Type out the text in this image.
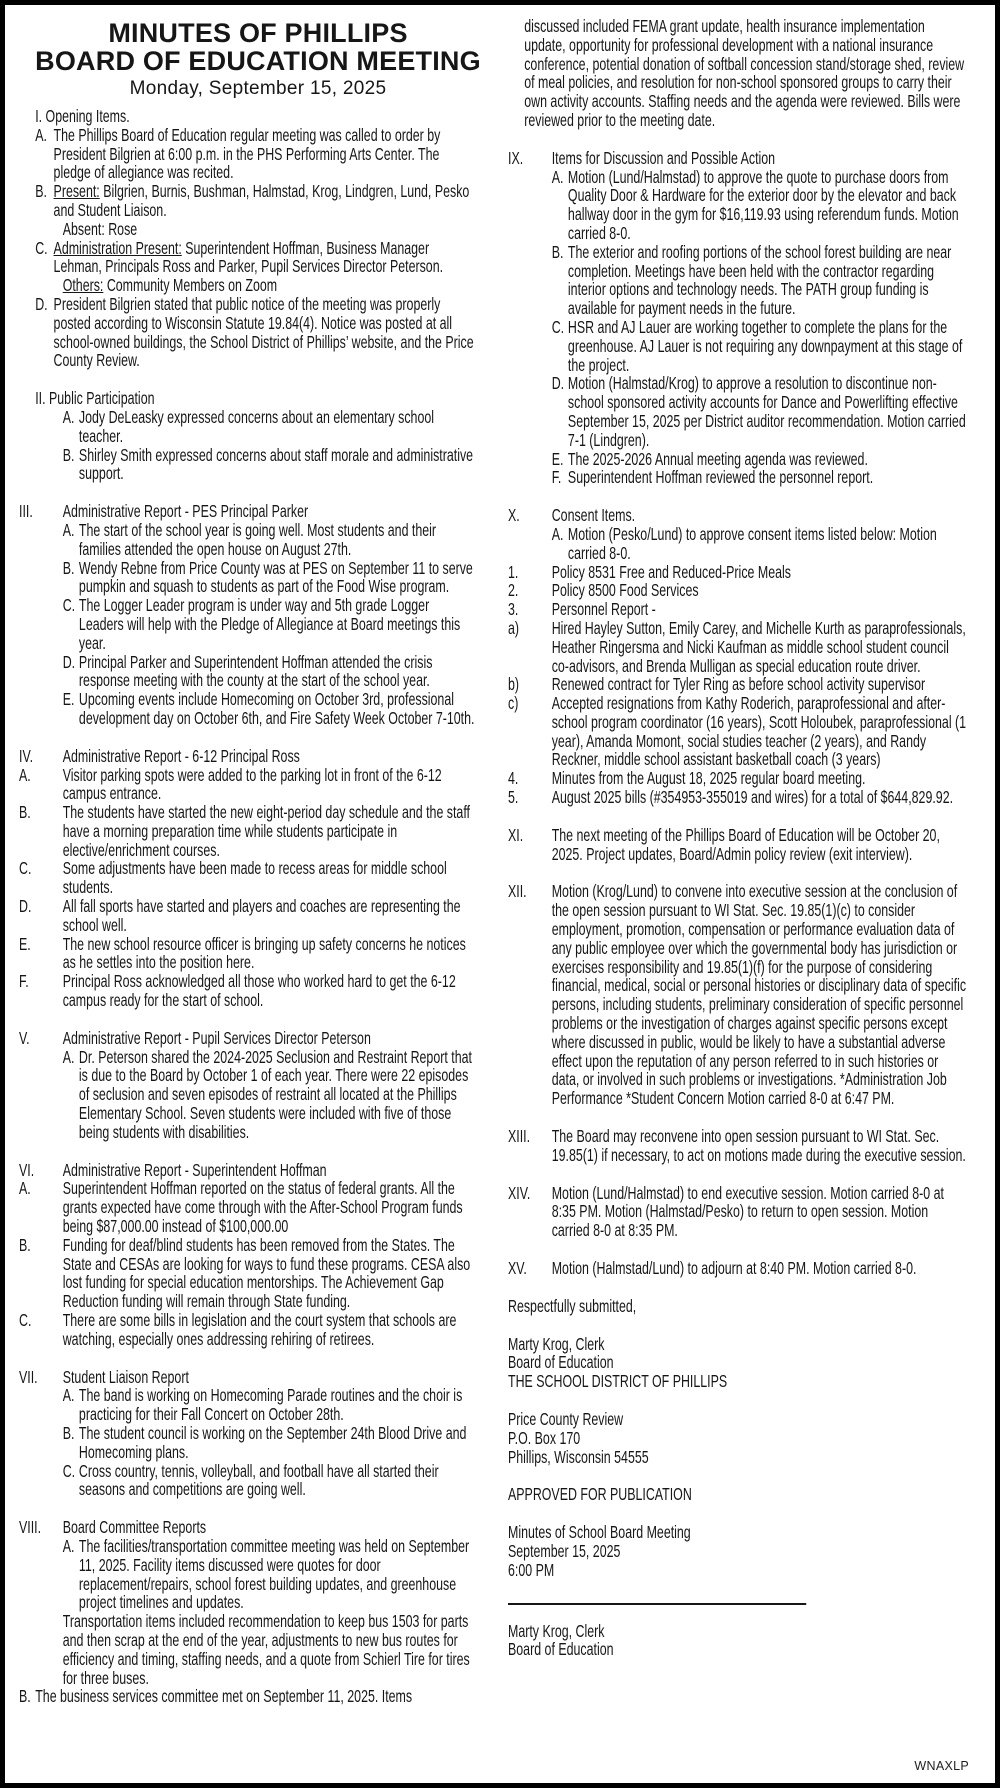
MINUTES OF PHILLIPS
BOARD OF EDUCATION MEETING
Monday, September 15, 2025
I. Opening Items.
A. The Phillips Board of Education regular meeting was called to order by President Bilgrien at 6:00 p.m. in the PHS Performing Arts Center. The pledge of allegiance was recited.
B. Present: Bilgrien, Burnis, Bushman, Halmstad, Krog, Lindgren, Lund, Pesko and Student Liaison.
Absent: Rose
C. Administration Present: Superintendent Hoffman, Business Manager Lehman, Principals Ross and Parker, Pupil Services Director Peterson.
Others: Community Members on Zoom
D. President Bilgrien stated that public notice of the meeting was properly posted according to Wisconsin Statute 19.84(4). Notice was posted at all school-owned buildings, the School District of Phillips’ website, and the Price County Review.
II. Public Participation
A. Jody DeLeasky expressed concerns about an elementary school teacher.
B. Shirley Smith expressed concerns about staff morale and administrative support.
III.	Administrative Report - PES Principal Parker
A. The start of the school year is going well. Most students and their families attended the open house on August 27th.
B. Wendy Rebne from Price County was at PES on September 11 to serve pumpkin and squash to students as part of the Food Wise program.
C. The Logger Leader program is under way and 5th grade Logger Leaders will help with the Pledge of Allegiance at Board meetings this year.
D. Principal Parker and Superintendent Hoffman attended the crisis response meeting with the county at the start of the school year.
E. Upcoming events include Homecoming on October 3rd, professional development day on October 6th, and Fire Safety Week October 7-10th.
IV.	Administrative Report - 6-12 Principal Ross
A.	Visitor parking spots were added to the parking lot in front of the 6-12 campus entrance.
B.	The students have started the new eight-period day schedule and the staff have a morning preparation time while students participate in elective/enrichment courses.
C.	Some adjustments have been made to recess areas for middle school students.
D.	All fall sports have started and players and coaches are representing the school well.
E.	The new school resource officer is bringing up safety concerns he notices as he settles into the position here.
F.	Principal Ross acknowledged all those who worked hard to get the 6-12 campus ready for the start of school.
V.	Administrative Report - Pupil Services Director Peterson
A. Dr. Peterson shared the 2024-2025 Seclusion and Restraint Report that is due to the Board by October 1 of each year. There were 22 episodes of seclusion and seven episodes of restraint all located at the Phillips Elementary School. Seven students were included with five of those being students with disabilities.
VI.	Administrative Report - Superintendent Hoffman
A.	Superintendent Hoffman reported on the status of federal grants. All the grants expected have come through with the After-School Program funds being $87,000.00 instead of $100,000.00
B.	Funding for deaf/blind students has been removed from the States. The State and CESAs are looking for ways to fund these programs. CESA also lost funding for special education mentorships. The Achievement Gap Reduction funding will remain through State funding.
C.	There are some bills in legislation and the court system that schools are watching, especially ones addressing rehiring of retirees.
VII.	Student Liaison Report
A. The band is working on Homecoming Parade routines and the choir is practicing for their Fall Concert on October 28th.
B. The student council is working on the September 24th Blood Drive and Homecoming plans.
C. Cross country, tennis, volleyball, and football have all started their seasons and competitions are going well.
VIII.	Board Committee Reports
A. The facilities/transportation committee meeting was held on September 11, 2025. Facility items discussed were quotes for door replacement/repairs, school forest building updates, and greenhouse project timelines and updates.
Transportation items included recommendation to keep bus 1503 for parts and then scrap at the end of the year, adjustments to new bus routes for efficiency and timing, staffing needs, and a quote from Schierl Tire for tires for three buses.
B. The business services committee met on September 11, 2025. Items
discussed included FEMA grant update, health insurance implementation update, opportunity for professional development with a national insurance conference, potential donation of softball concession stand/storage shed, review of meal policies, and resolution for non-school sponsored groups to carry their own activity accounts. Staffing needs and the agenda were reviewed. Bills were reviewed prior to the meeting date.
IX.	Items for Discussion and Possible Action
A. Motion (Lund/Halmstad) to approve the quote to purchase doors from Quality Door & Hardware for the exterior door by the elevator and back hallway door in the gym for $16,119.93 using referendum funds. Motion carried 8-0.
B. The exterior and roofing portions of the school forest building are near completion. Meetings have been held with the contractor regarding interior options and technology needs. The PATH group funding is available for payment needs in the future.
C. HSR and AJ Lauer are working together to complete the plans for the greenhouse. AJ Lauer is not requiring any downpayment at this stage of the project.
D. Motion (Halmstad/Krog) to approve a resolution to discontinue non-school sponsored activity accounts for Dance and Powerlifting effective September 15, 2025 per District auditor recommendation. Motion carried 7-1 (Lindgren).
E. The 2025-2026 Annual meeting agenda was reviewed.
F. Superintendent Hoffman reviewed the personnel report.
X.	Consent Items.
A. Motion (Pesko/Lund) to approve consent items listed below: Motion carried 8-0.
1.	Policy 8531 Free and Reduced-Price Meals
2.	Policy 8500 Food Services
3.	Personnel Report -
a)	Hired Hayley Sutton, Emily Carey, and Michelle Kurth as paraprofessionals, Heather Ringersma and Nicki Kaufman as middle school student council co-advisors, and Brenda Mulligan as special education route driver.
b)	Renewed contract for Tyler Ring as before school activity supervisor
c)	Accepted resignations from Kathy Roderich, paraprofessional and after-school program coordinator (16 years), Scott Holoubek, paraprofessional (1 year), Amanda Momont, social studies teacher (2 years), and Randy Reckner, middle school assistant basketball coach (3 years)
4.	Minutes from the August 18, 2025 regular board meeting.
5.	August 2025 bills (#354953-355019 and wires) for a total of $644,829.92.
XI.	The next meeting of the Phillips Board of Education will be October 20, 2025. Project updates, Board/Admin policy review (exit interview).
XII.	Motion (Krog/Lund) to convene into executive session at the conclusion of the open session pursuant to WI Stat. Sec. 19.85(1)(c) to consider employment, promotion, compensation or performance evaluation data of any public employee over which the governmental body has jurisdiction or exercises responsibility and 19.85(1)(f) for the purpose of considering financial, medical, social or personal histories or disciplinary data of specific persons, including students, preliminary consideration of specific personnel problems or the investigation of charges against specific persons except where discussed in public, would be likely to have a substantial adverse effect upon the reputation of any person referred to in such histories or data, or involved in such problems or investigations. *Administration Job Performance *Student Concern Motion carried 8-0 at 6:47 PM.
XIII.	The Board may reconvene into open session pursuant to WI Stat. Sec. 19.85(1) if necessary, to act on motions made during the executive session.
XIV.	Motion (Lund/Halmstad) to end executive session. Motion carried 8-0 at 8:35 PM. Motion (Halmstad/Pesko) to return to open session. Motion carried 8-0 at 8:35 PM.
XV.	Motion (Halmstad/Lund) to adjourn at 8:40 PM. Motion carried 8-0.
Respectfully submitted,
Marty Krog, Clerk
Board of Education
THE SCHOOL DISTRICT OF PHILLIPS
Price County Review
P.O. Box 170
Phillips, Wisconsin 54555
APPROVED FOR PUBLICATION
Minutes of School Board Meeting
September 15, 2025
6:00 PM
Marty Krog, Clerk
Board of Education
WNAXLP
